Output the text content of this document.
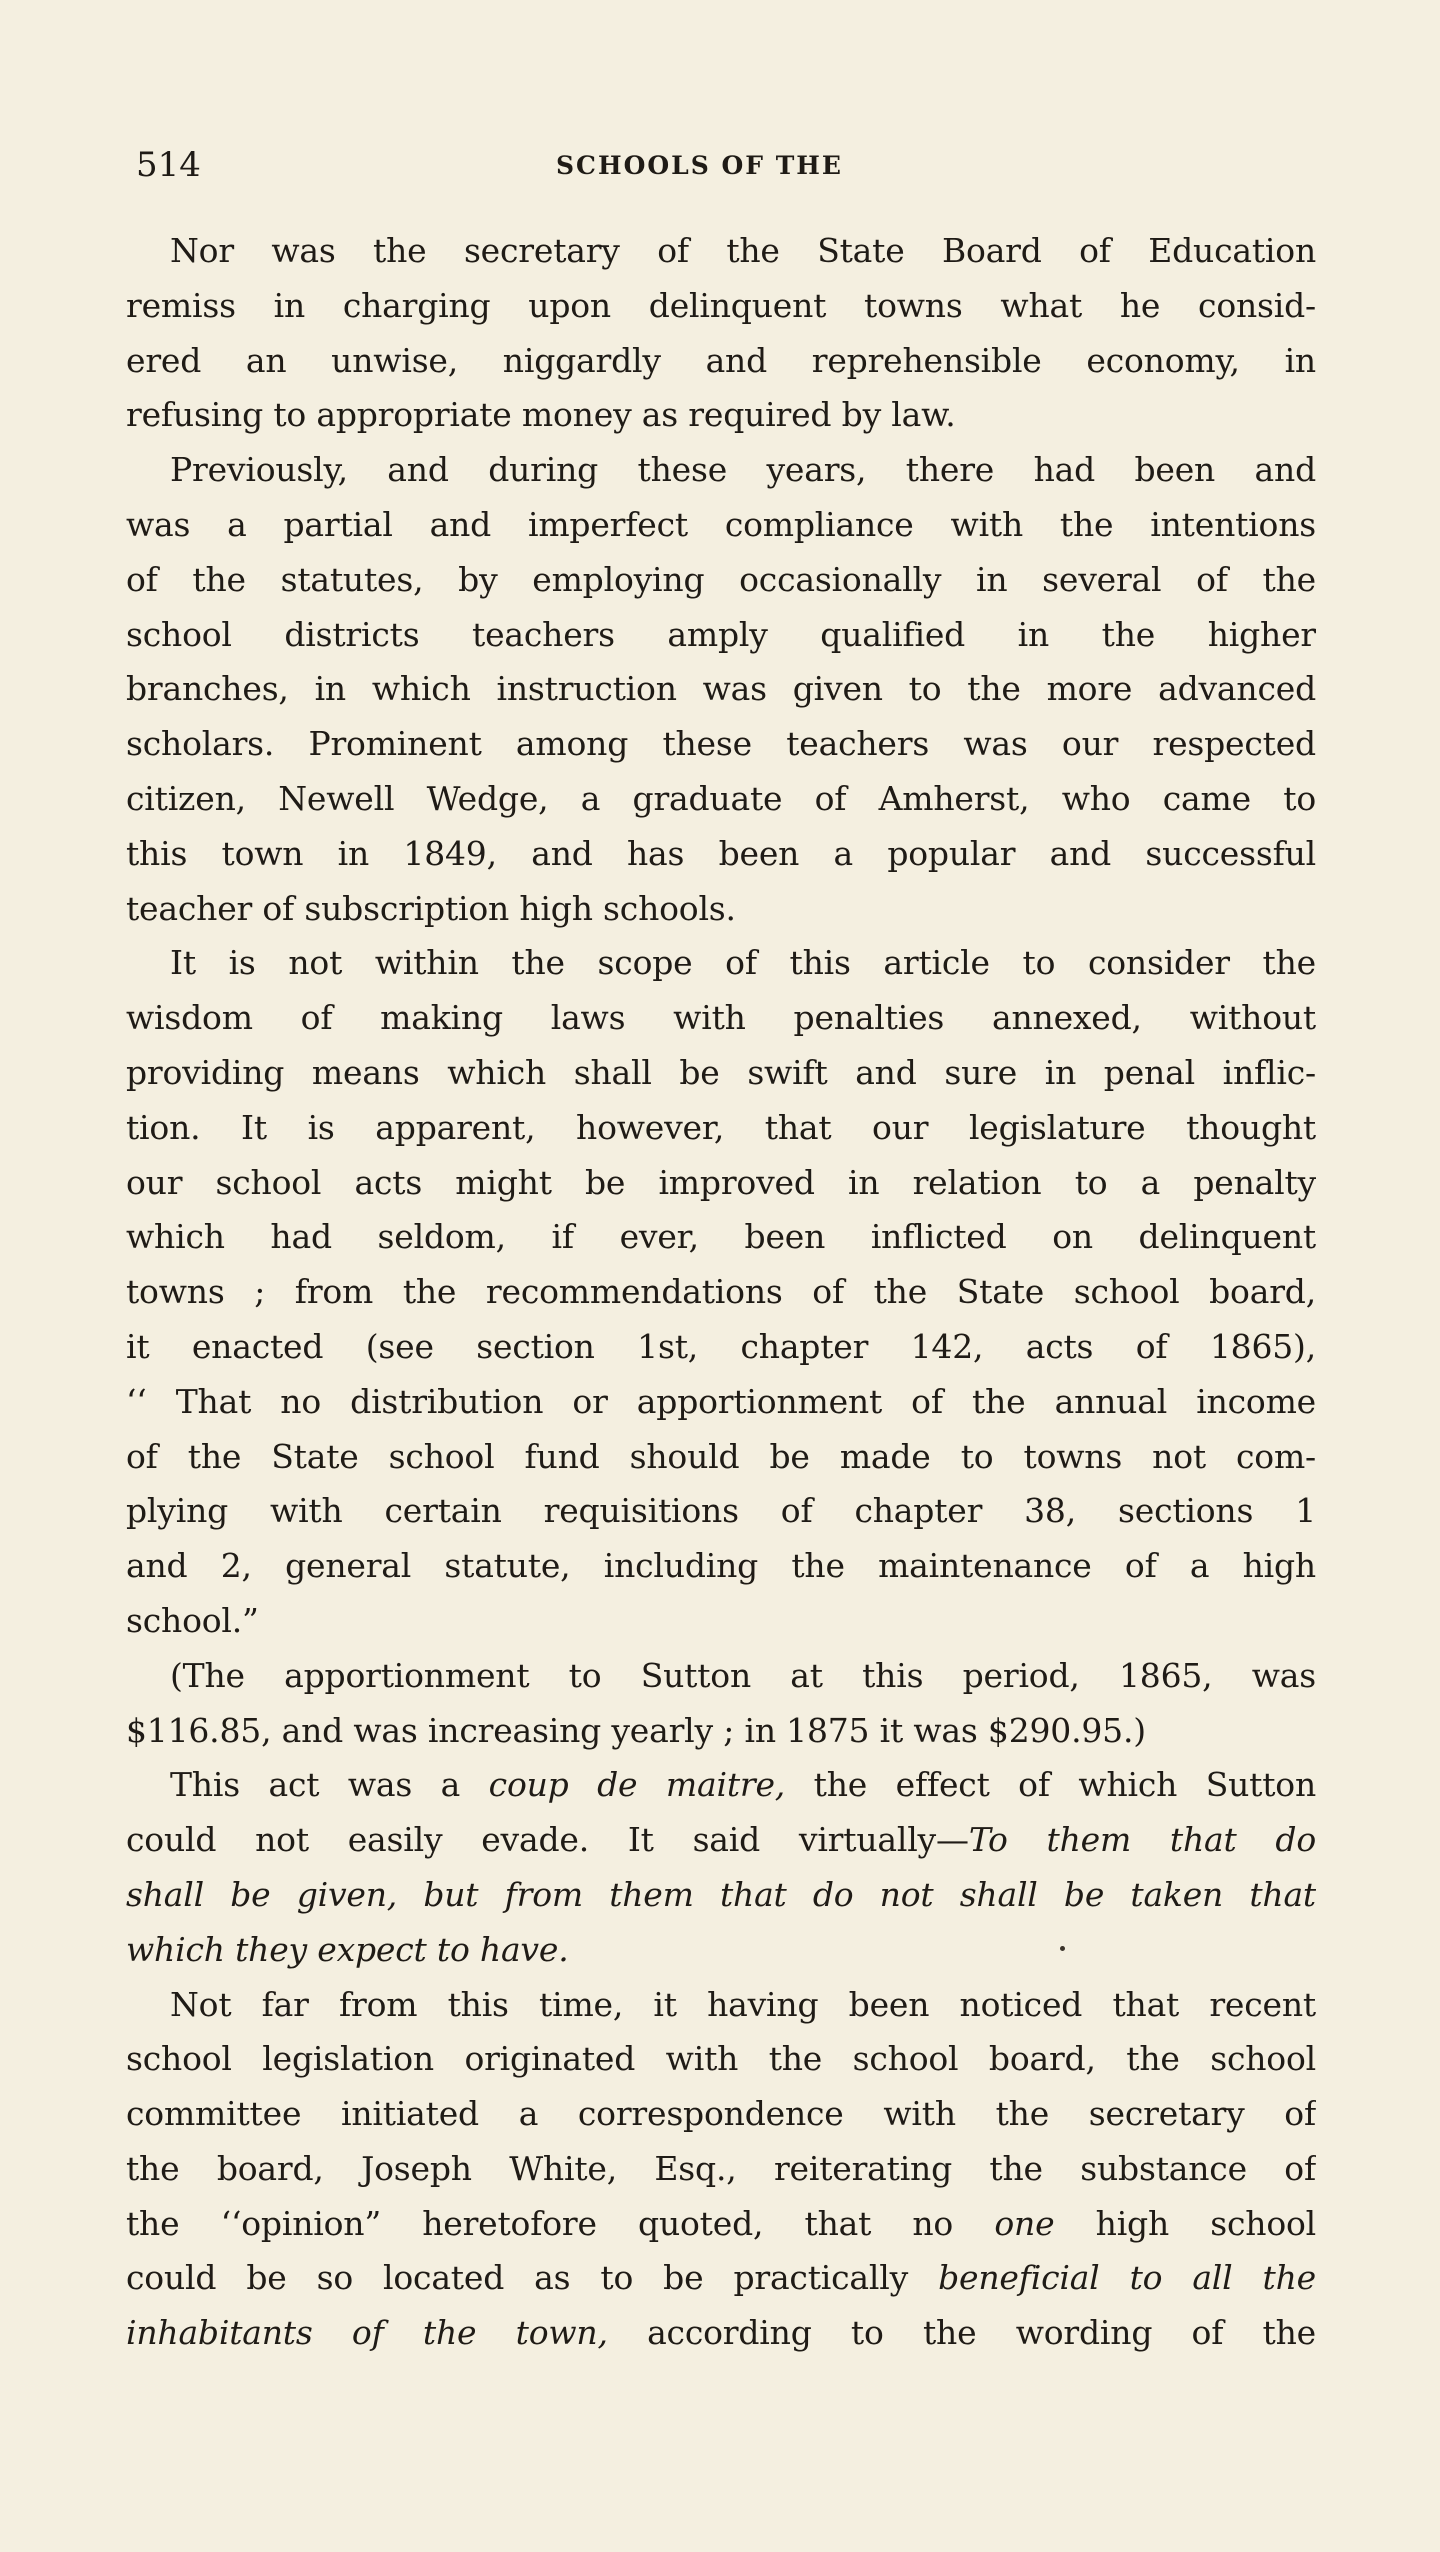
514	SCHOOLS OF THE
Nor was the secretary of the State Board of Education
remiss in charging upon delinquent towns what he consid-
ered an unwise, niggardly and reprehensible economy, in
refusing to appropriate money as required by law.
Previously, and during these years, there had been and
was a partial and imperfect compliance with the intentions
of the statutes, by employing occasionally in several of the
school districts teachers amply qualified in the higher
branches, in which instruction was given to the more advanced
scholars. Prominent among these teachers was our respected
citizen, Newell Wedge, a graduate of Amherst, who came to
this town in 1849, and has been a popular and successful
teacher of subscription high schools.
It is not within the scope of this article to consider the
wisdom of making laws with penalties annexed, without
providing means which shall be swift and sure in penal inflic-
tion. It is apparent, however, that our legislature thought
our school acts might be improved in relation to a penalty
which had seldom, if ever, been inflicted on delinquent
towns ; from the recommendations of the State school board,
it enacted (see section 1st, chapter 142, acts of 1865),
‘‘ That no distribution or apportionment of the annual income
of the State school fund should be made to towns not com-
plying with certain requisitions of chapter 38, sections 1
and 2, general statute, including the maintenance of a high
school.”
(The apportionment to Sutton at this period, 1865, was
$116.85, and was increasing yearly ; in 1875 it was $290.95.)
This act was a coup de maitre, the effect of which Sutton
could not easily evade. It said virtually—To them that do
shall be given, but from them that do not shall be taken that
which they expect to have.
Not far from this time, it having been noticed that recent
school legislation originated with the school board, the school
committee initiated a correspondence with the secretary of
the board, Joseph White, Esq., reiterating the substance of
the ‘‘opinion” heretofore quoted, that no one high school
could be so located as to be practically beneficial to all the
inhabitants of the town, according to the wording of the
